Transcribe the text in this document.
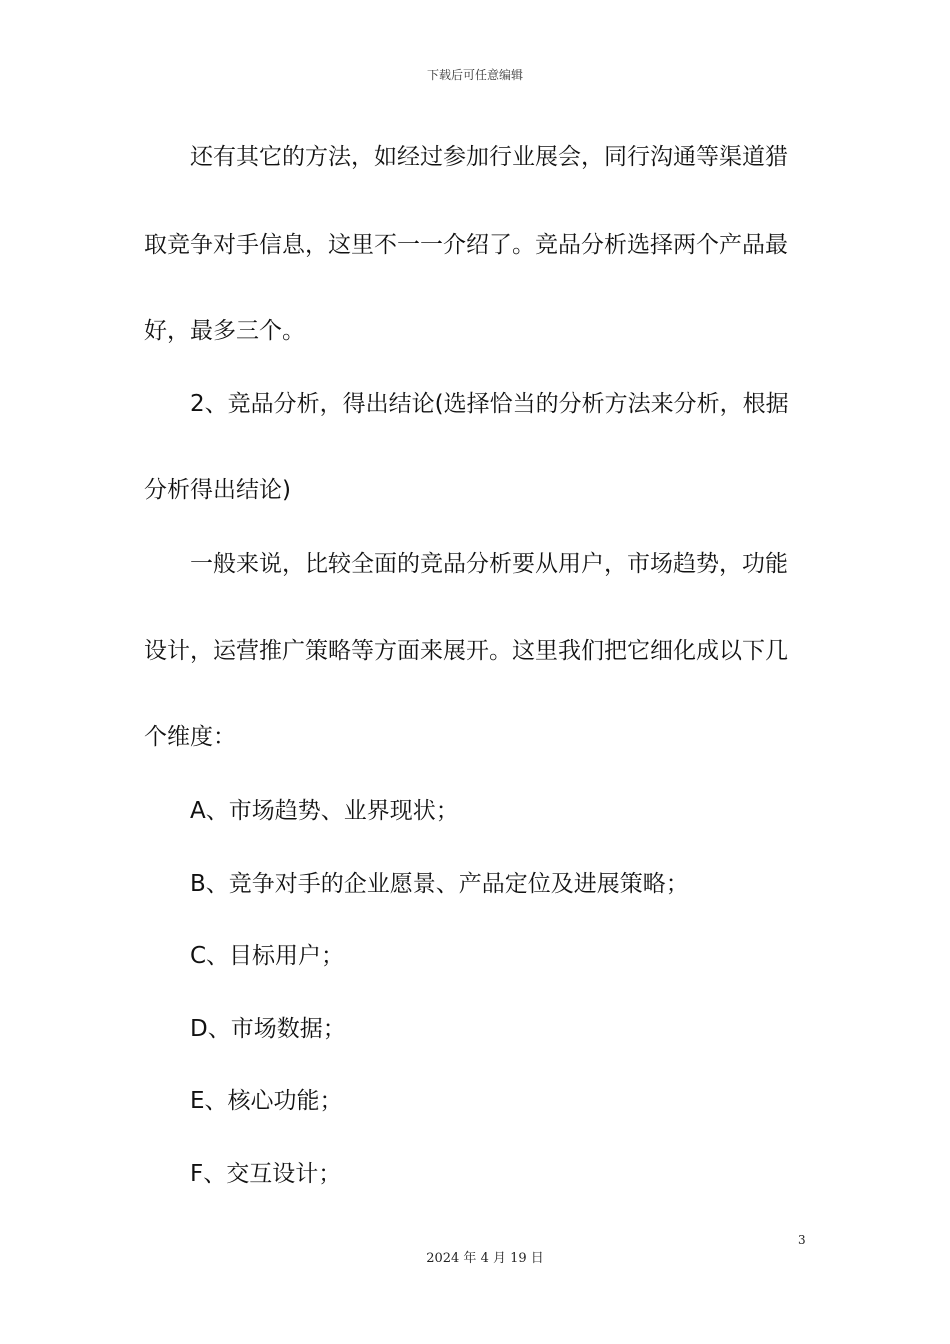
下载后可任意编辑
还有其它的方法，如经过参加行业展会，同行沟通等渠道猎
取竞争对手信息，这里不一一介绍了。竞品分析选择两个产品最
好，最多三个。
2、竞品分析，得出结论(选择恰当的分析方法来分析，根据
分析得出结论)
一般来说，比较全面的竞品分析要从用户，市场趋势，功能
设计，运营推广策略等方面来展开。这里我们把它细化成以下几
个维度：
A、市场趋势、业界现状；
B、竞争对手的企业愿景、产品定位及进展策略；
C、目标用户；
D、市场数据；
E、核心功能；
F、交互设计；
3
2024 年 4 月 19 日
